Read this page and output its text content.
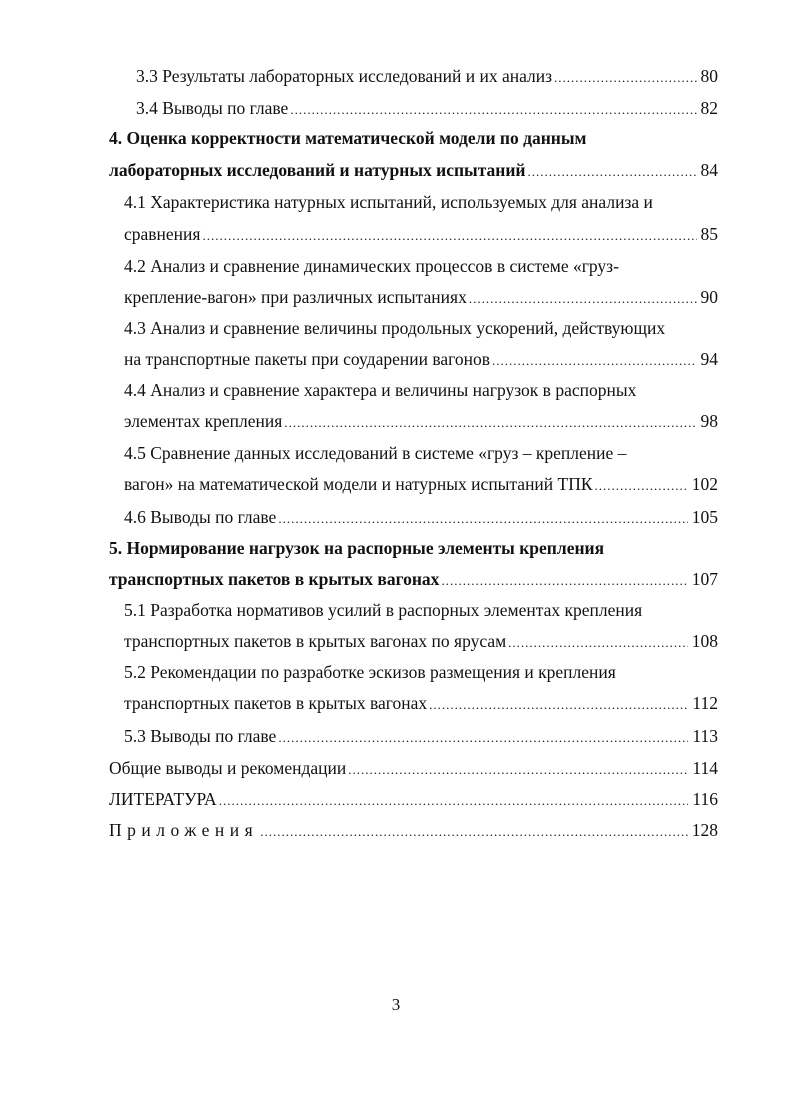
3.3 Результаты лабораторных исследований и их анализ .....	80
3.4 Выводы по главе .....	82
4. Оценка корректности математической модели по данным
лабораторных исследований и натурных испытаний .....	84
4.1 Характеристика натурных испытаний, используемых для анализа и
сравнения .....	85
4.2 Анализ и сравнение динамических процессов в системе «груз-
крепление-вагон» при различных испытаниях .....	90
4.3 Анализ и сравнение величины продольных ускорений, действующих
на транспортные пакеты при соударении вагонов .....	94
4.4 Анализ и сравнение характера и величины нагрузок в распорных
элементах крепления .....	98
4.5 Сравнение данных исследований в системе «груз – крепление –
вагон» на математической модели и натурных испытаний ТПК .....	102
4.6 Выводы по главе .....	105
5. Нормирование нагрузок на распорные элементы крепления
транспортных пакетов в крытых вагонах .....	107
5.1 Разработка нормативов усилий в распорных элементах крепления
транспортных пакетов в крытых вагонах по ярусам .....	108
5.2 Рекомендации по разработке эскизов размещения и крепления
транспортных пакетов в крытых вагонах .....	112
5.3 Выводы по главе .....	113
Общие выводы и рекомендации .....	114
ЛИТЕРАТУРА .....	116
Приложения .....	128
3
